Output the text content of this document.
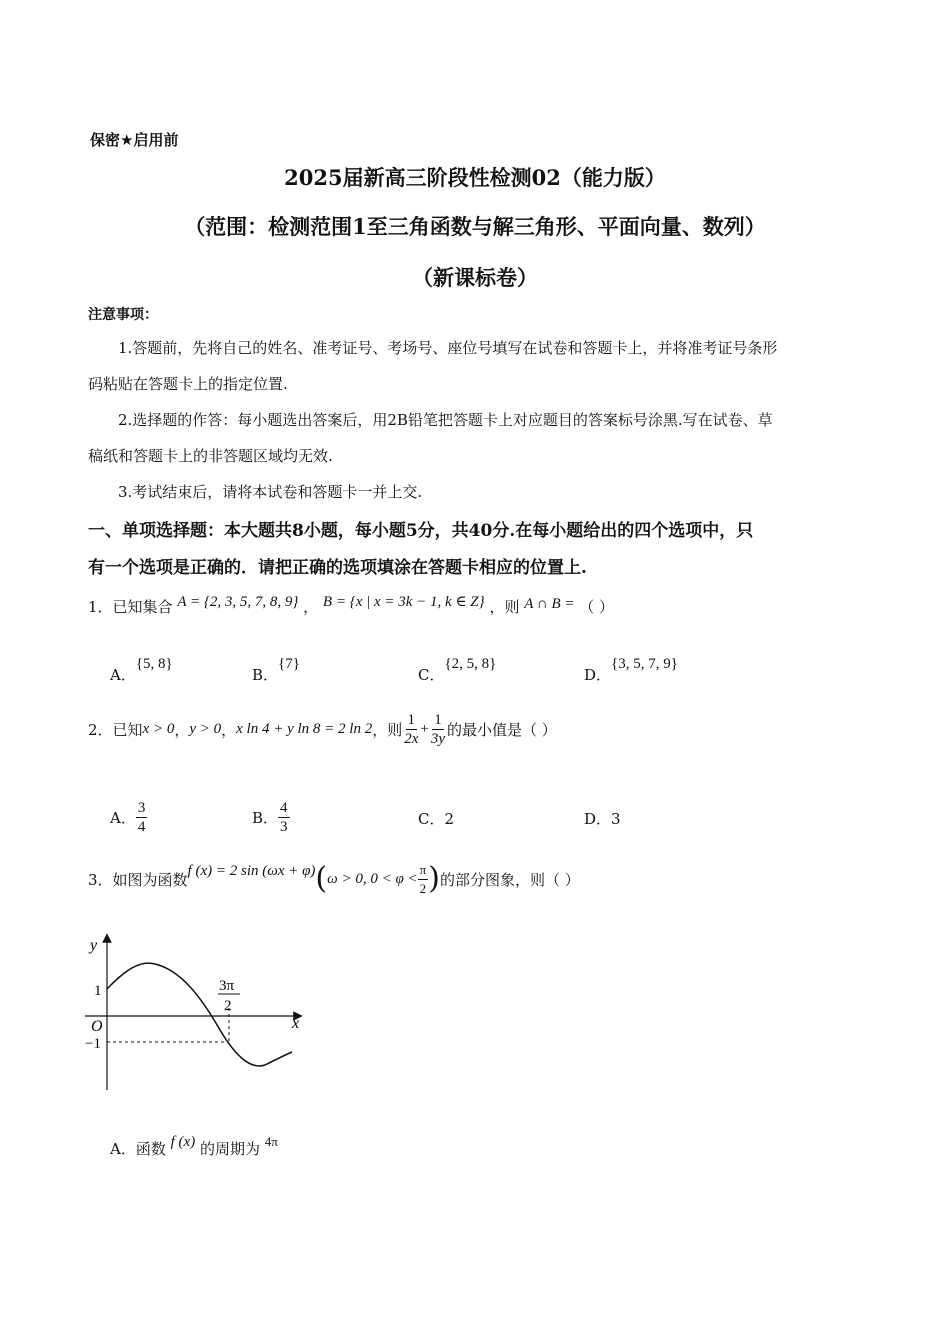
保密★启用前
2025届新高三阶段性检测02（能力版）
（范围：检测范围1至三角函数与解三角形、平面向量、数列）
（新课标卷）
注意事项：
1.答题前，先将自己的姓名、准考证号、考场号、座位号填写在试卷和答题卡上，并将准考证号条形
码粘贴在答题卡上的指定位置.
2.选择题的作答：每小题选出答案后，用2B铅笔把答题卡上对应题目的答案标号涂黑.写在试卷、草
稿纸和答题卡上的非答题区域均无效.
3.考试结束后，请将本试卷和答题卡一并上交.
一、单项选择题：本大题共8小题，每小题5分，共40分.在每小题给出的四个选项中，只
有一个选项是正确的．请把正确的选项填涂在答题卡相应的位置上.
1．已知集合 A = {2, 3, 5, 7, 8, 9} ， B = {x | x = 3k − 1, k ∈ Z} ，则 A ∩ B = （ ）
A．{5, 8}
B．{7}
C．{2, 5, 8}
D．{3, 5, 7, 9}
2．已知 x > 0 ， y > 0 ， x ln 4 + y ln 8 = 2 ln 2 ，则 $\frac{1}{2x} + \frac{1}{3y}$ 的最小值是（ ）
A． $\frac{3}{4}$	B． $\frac{4}{3}$	C．2	D．3
3．如图为函数 f (x) = 2 sin (ωx + φ) ( ω > 0, $0 < \varphi < \frac{\pi}{2}$ ) 的部分图象，则（ ）
y
x
O
1
−1
3π
2
A．函数 f (x) 的周期为 4π
